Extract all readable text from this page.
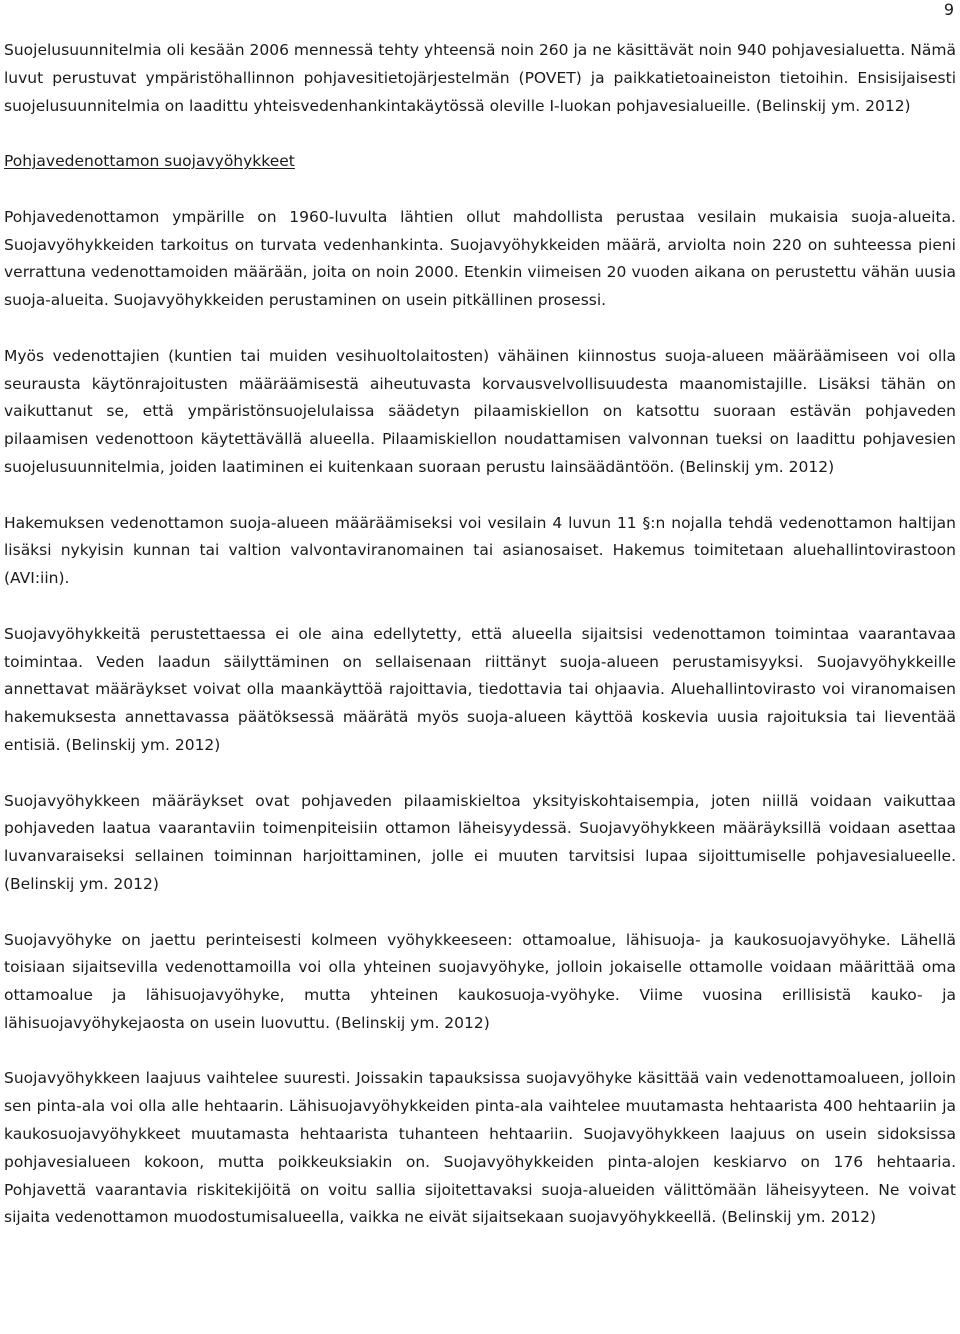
9

Suojelusuunnitelmia oli kesään 2006 mennessä tehty yhteensä noin 260 ja ne käsittävät noin 940 pohjavesialuetta. Nämä luvut perustuvat ympäristöhallinnon pohjavesitietojärjestelmän (POVET) ja paikkatietoaineiston tietoihin. Ensisijaisesti suojelusuunnitelmia on laadittu yhteisvedenhankintakäytössä oleville I-luokan pohjavesialueille. (Belinskij ym. 2012)

Pohjavedenottamon suojavyöhykkeet

Pohjavedenottamon ympärille on 1960-luvulta lähtien ollut mahdollista perustaa vesilain mukaisia suoja-alueita. Suojavyöhykkeiden tarkoitus on turvata vedenhankinta. Suojavyöhykkeiden määrä, arviolta noin 220 on suhteessa pieni verrattuna vedenottamoiden määrään, joita on noin 2000. Etenkin viimeisen 20 vuoden aikana on perustettu vähän uusia suoja-alueita. Suojavyöhykkeiden perustaminen on usein pitkällinen prosessi.

Myös vedenottajien (kuntien tai muiden vesihuoltolaitosten) vähäinen kiinnostus suoja-alueen määräämiseen voi olla seurausta käytönrajoitusten määräämisestä aiheutuvasta korvausvelvollisuudesta maanomistajille. Lisäksi tähän on vaikuttanut se, että ympäristönsuojelulaissa säädetyn pilaamiskiellon on katsottu suoraan estävän pohjaveden pilaamisen vedenottoon käytettävällä alueella. Pilaamiskiellon noudattamisen valvonnan tueksi on laadittu pohjavesien suojelusuunnitelmia, joiden laatiminen ei kuitenkaan suoraan perustu lainsäädäntöön. (Belinskij ym. 2012)

Hakemuksen vedenottamon suoja-alueen määräämiseksi voi vesilain 4 luvun 11 §:n nojalla tehdä vedenottamon haltijan lisäksi nykyisin kunnan tai valtion valvontaviranomainen tai asianosaiset. Hakemus toimitetaan aluehallintovirastoon (AVI:iin).

Suojavyöhykkeitä perustettaessa ei ole aina edellytetty, että alueella sijaitsisi vedenottamon toimintaa vaarantavaa toimintaa. Veden laadun säilyttäminen on sellaisenaan riittänyt suoja-alueen perustamisyyksi. Suojavyöhykkeille annettavat määräykset voivat olla maankäyttöä rajoittavia, tiedottavia tai ohjaavia. Aluehallintovirasto voi viranomaisen hakemuksesta annettavassa päätöksessä määrätä myös suoja-alueen käyttöä koskevia uusia rajoituksia tai lieventää entisiä. (Belinskij ym. 2012)

Suojavyöhykkeen määräykset ovat pohjaveden pilaamiskieltoa yksityiskohtaisempia, joten niillä voidaan vaikuttaa pohjaveden laatua vaarantaviin toimenpiteisiin ottamon läheisyydessä. Suojavyöhykkeen määräyksillä voidaan asettaa luvanvaraiseksi sellainen toiminnan harjoittaminen, jolle ei muuten tarvitsisi lupaa sijoittumiselle pohjavesialueelle. (Belinskij ym. 2012)

Suojavyöhyke on jaettu perinteisesti kolmeen vyöhykkeeseen: ottamoalue, lähisuoja- ja kaukosuojavyöhyke. Lähellä toisiaan sijaitsevilla vedenottamoilla voi olla yhteinen suojavyöhyke, jolloin jokaiselle ottamolle voidaan määrittää oma ottamoalue ja lähisuojavyöhyke, mutta yhteinen kaukosuoja-vyöhyke. Viime vuosina erillisistä kauko- ja lähisuojavyöhykejaosta on usein luovuttu. (Belinskij ym. 2012)

Suojavyöhykkeen laajuus vaihtelee suuresti. Joissakin tapauksissa suojavyöhyke käsittää vain vedenottamoalueen, jolloin sen pinta-ala voi olla alle hehtaarin. Lähisuojavyöhykkeiden pinta-ala vaihtelee muutamasta hehtaarista 400 hehtaariin ja kaukosuojavyöhykkeet muutamasta hehtaarista tuhanteen hehtaariin. Suojavyöhykkeen laajuus on usein sidoksissa pohjavesialueen kokoon, mutta poikkeuksiakin on. Suojavyöhykkeiden pinta-alojen keskiarvo on 176 hehtaaria. Pohjavettä vaarantavia riskitekijöitä on voitu sallia sijoitettavaksi suoja-alueiden välittömään läheisyyteen. Ne voivat sijaita vedenottamon muodostumisalueella, vaikka ne eivät sijaitsekaan suojavyöhykkeellä. (Belinskij ym. 2012)
